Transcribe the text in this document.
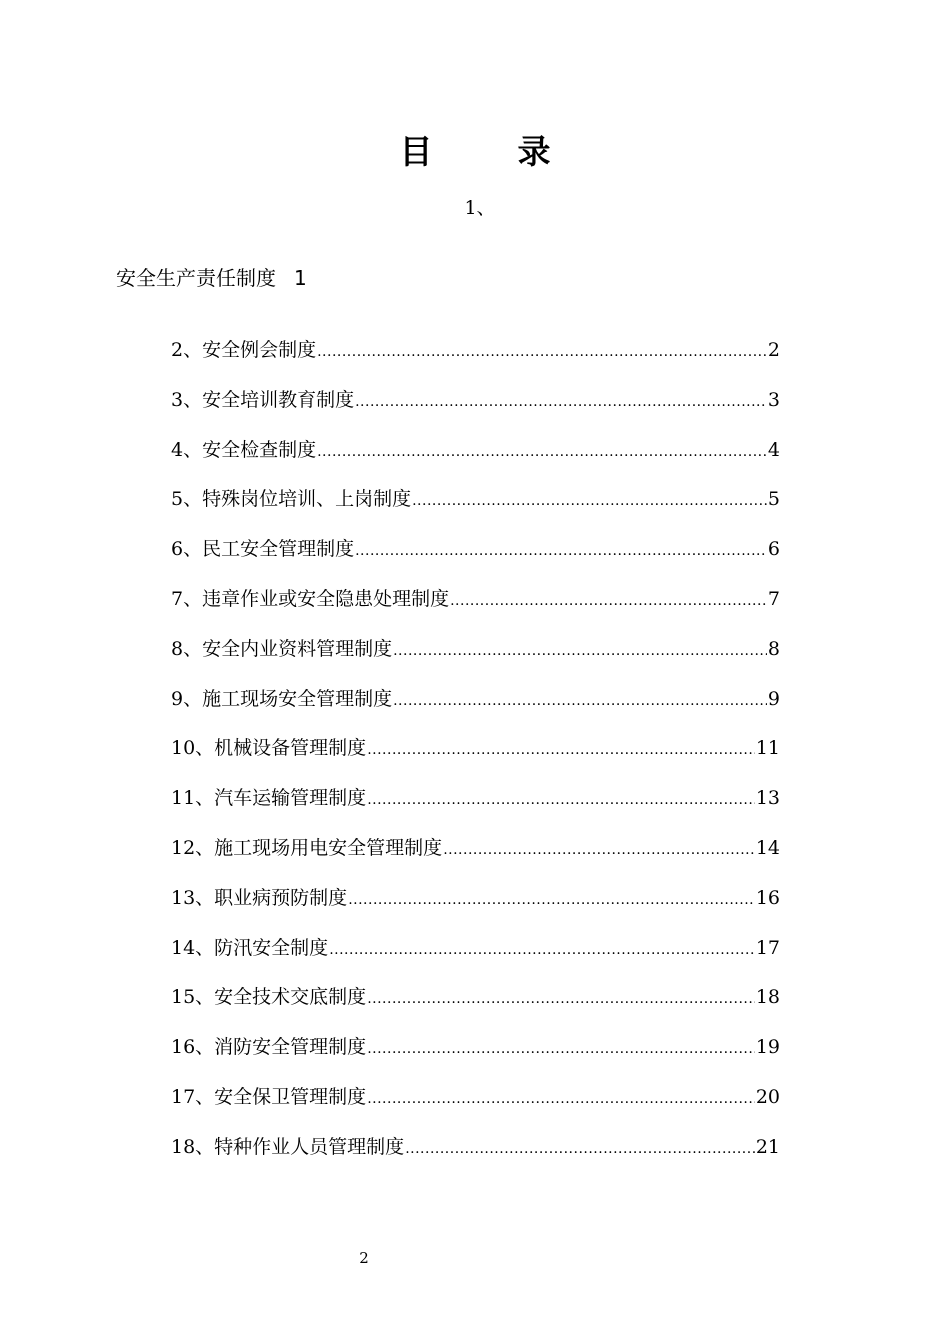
目　录
1、
安全生产责任制度 1
2、安全例会制度 .....	2
3、安全培训教育制度 .....	3
4、安全检查制度 .....	4
5、特殊岗位培训、上岗制度 .....	5
6、民工安全管理制度 .....	6
7、违章作业或安全隐患处理制度 .....	7
8、安全内业资料管理制度 .....	8
9、施工现场安全管理制度 .....	9
10、机械设备管理制度 .....	11
11、汽车运输管理制度 .....	13
12、施工现场用电安全管理制度 .....	14
13、职业病预防制度 .....	16
14、防汛安全制度 .....	17
15、安全技术交底制度 .....	18
16、消防安全管理制度 .....	19
17、安全保卫管理制度 .....	20
18、特种作业人员管理制度 .....	21
2
